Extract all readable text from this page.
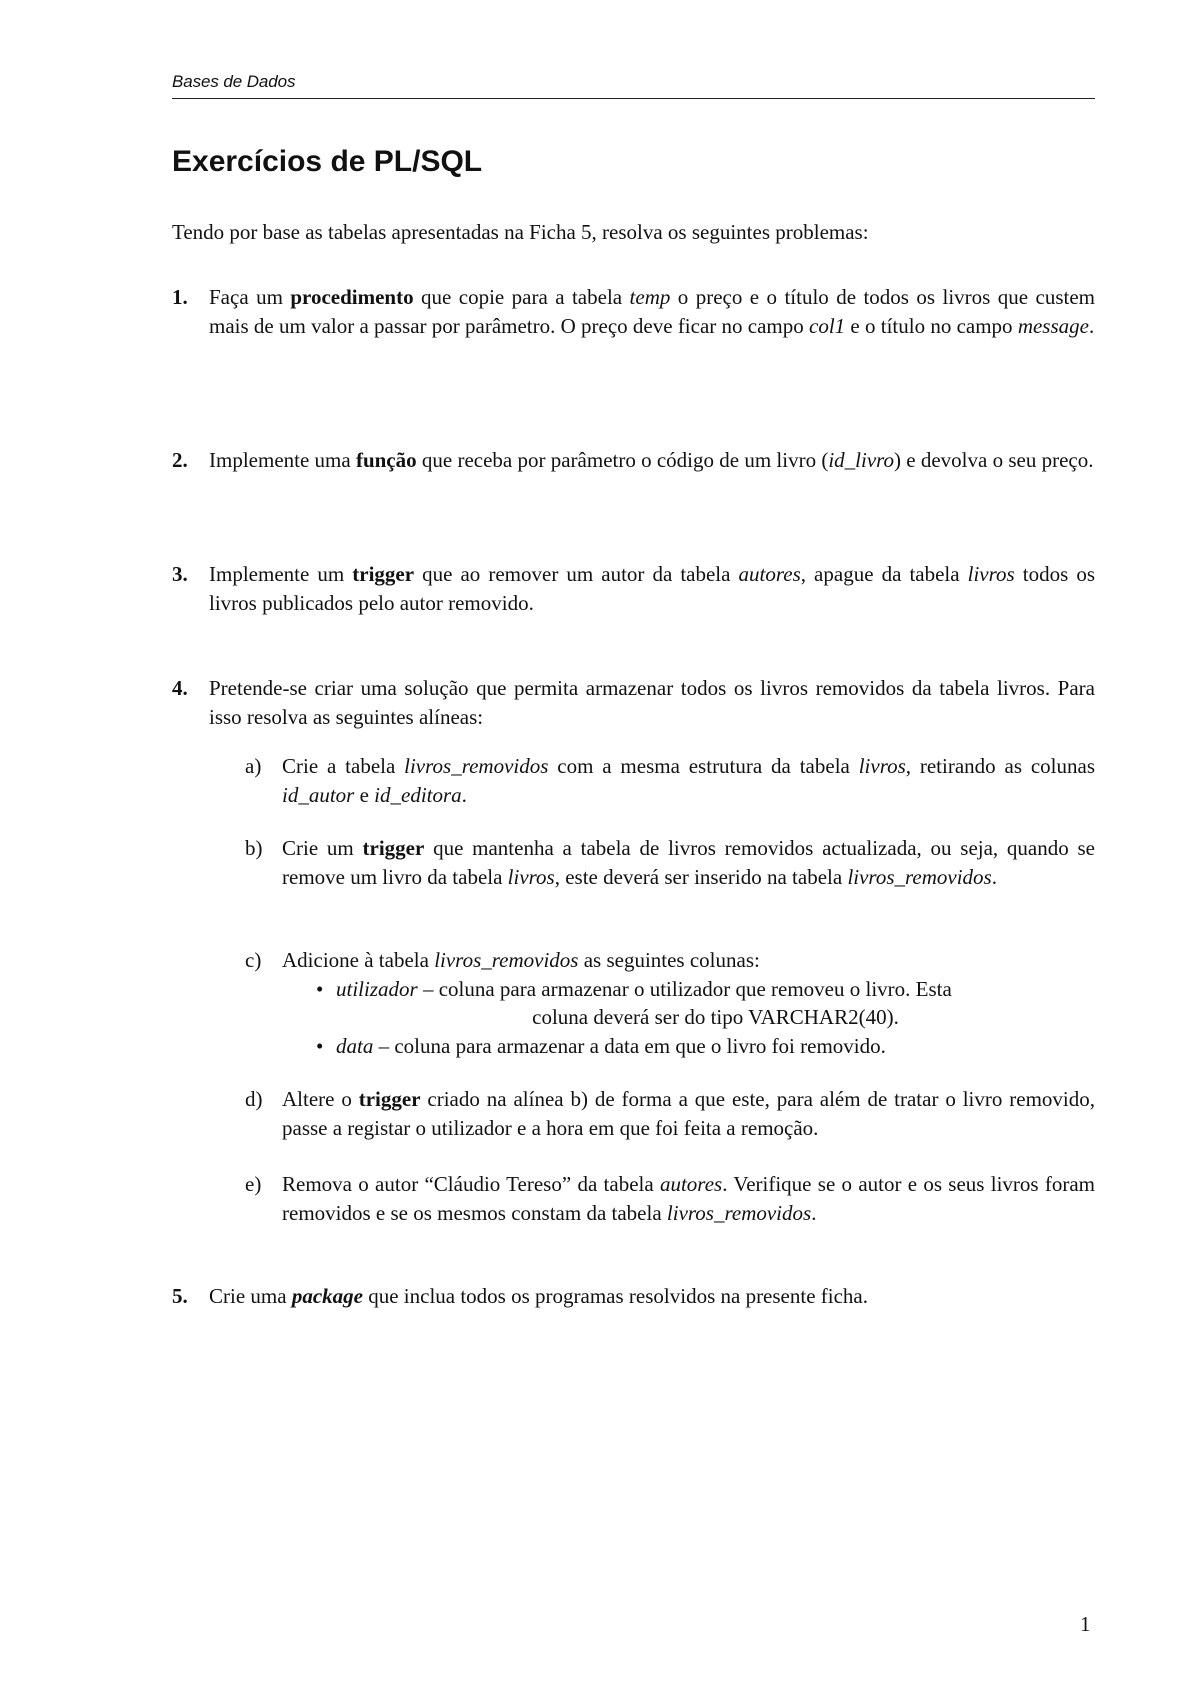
Bases de Dados
Exercícios de PL/SQL

Tendo por base as tabelas apresentadas na Ficha 5, resolva os seguintes problemas:

1. Faça um procedimento que copie para a tabela temp o preço e o título de todos os livros que custem mais de um valor a passar por parâmetro. O preço deve ficar no campo col1 e o título no campo message.
2. Implemente uma função que receba por parâmetro o código de um livro (id_livro) e devolva o seu preço.
3. Implemente um trigger que ao remover um autor da tabela autores, apague da tabela livros todos os livros publicados pelo autor removido.
4. Pretende-se criar uma solução que permita armazenar todos os livros removidos da tabela livros. Para isso resolva as seguintes alíneas:
a) Crie a tabela livros_removidos com a mesma estrutura da tabela livros, retirando as colunas id_autor e id_editora.
b) Crie um trigger que mantenha a tabela de livros removidos actualizada, ou seja, quando se remove um livro da tabela livros, este deverá ser inserido na tabela livros_removidos.
c) Adicione à tabela livros_removidos as seguintes colunas:
• utilizador – coluna para armazenar o utilizador que removeu o livro. Esta
coluna deverá ser do tipo VARCHAR2(40).
• data – coluna para armazenar a data em que o livro foi removido.
d) Altere o trigger criado na alínea b) de forma a que este, para além de tratar o livro removido, passe a registar o utilizador e a hora em que foi feita a remoção.
e) Remova o autor “Cláudio Tereso” da tabela autores. Verifique se o autor e os seus livros foram removidos e se os mesmos constam da tabela livros_removidos.
5. Crie uma package que inclua todos os programas resolvidos na presente ficha.
1
